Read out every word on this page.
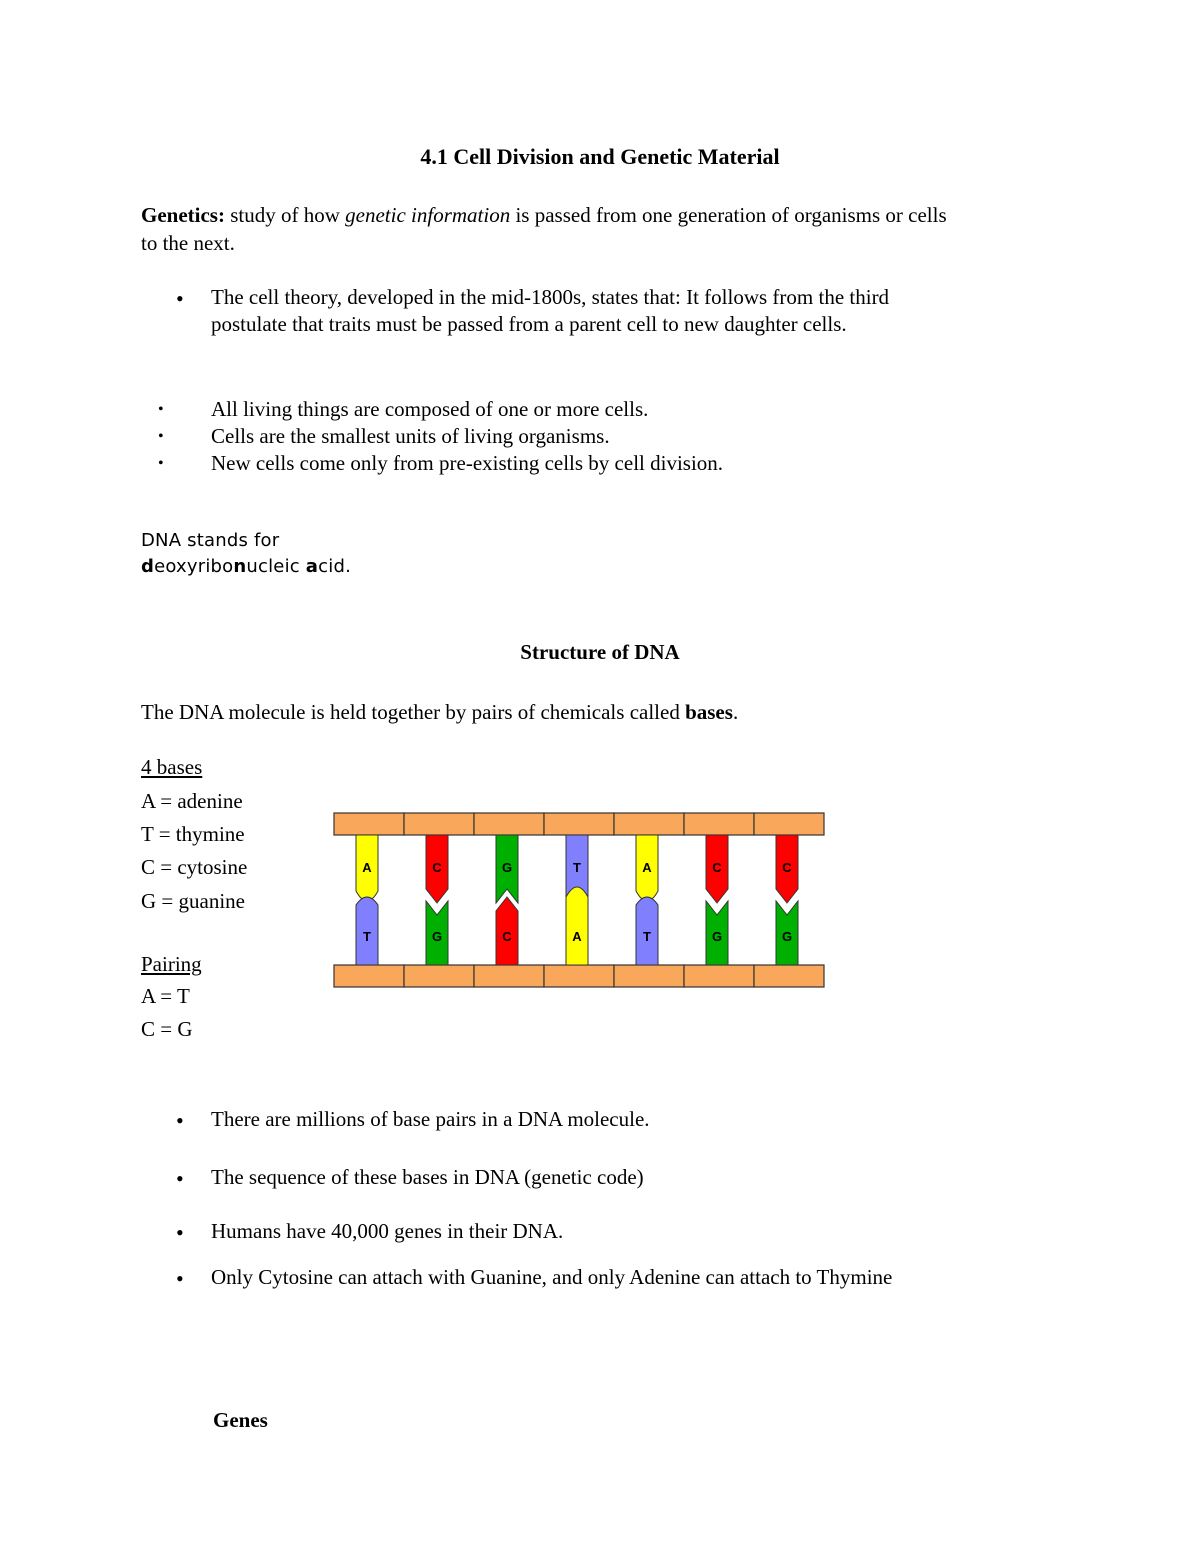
4.1 Cell Division and Genetic Material
Genetics: study of how genetic information is passed from one generation of organisms or cells
to the next.
• The cell theory, developed in the mid-1800s, states that: It follows from the third
postulate that traits must be passed from a parent cell to new daughter cells.
• All living things are composed of one or more cells.
• Cells are the smallest units of living organisms.
• New cells come only from pre-existing cells by cell division.
DNA stands for
deoxyribonucleic acid.
Structure of DNA
The DNA molecule is held together by pairs of chemicals called bases.
4 bases
A = adenine
T = thymine
C = cytosine
G = guanine
Pairing
A = T
C = G
A
T
C
G
G
C
T
A
A
T
C
G
C
G
• There are millions of base pairs in a DNA molecule.
• The sequence of these bases in DNA (genetic code)
• Humans have 40,000 genes in their DNA.
• Only Cytosine can attach with Guanine, and only Adenine can attach to Thymine
Genes
